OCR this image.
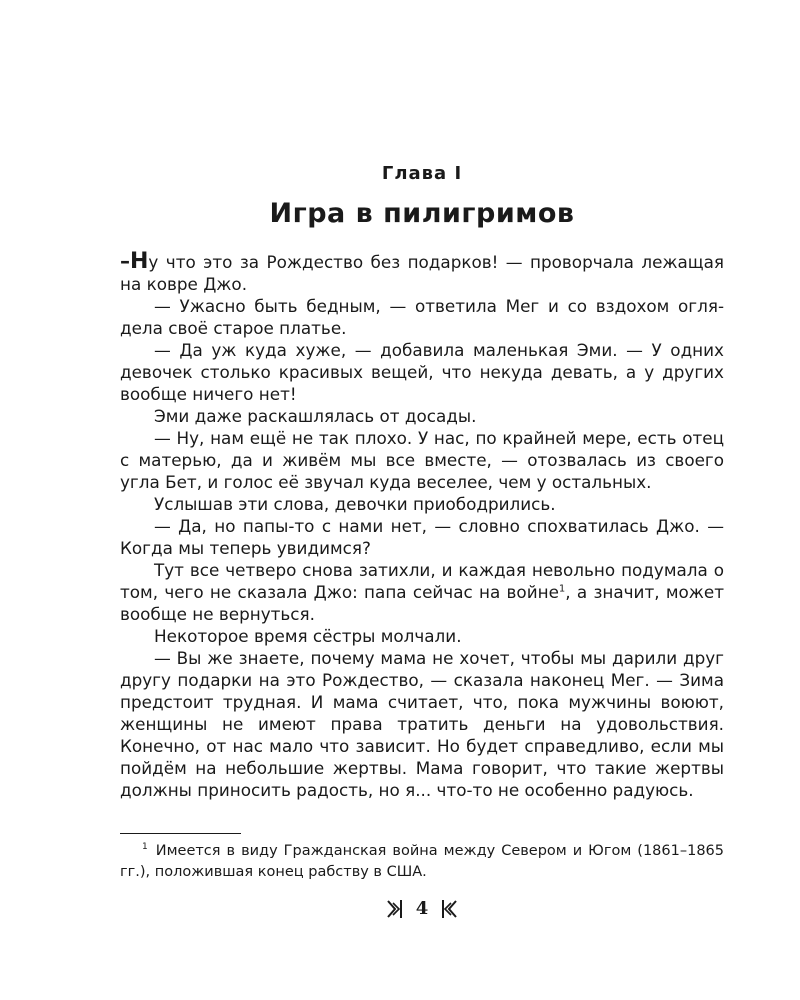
Глава I
Игра в пилигримов

–Ну что это за Рождество без подарков! — проворчала лежащая на ковре Джо.

— Ужасно быть бедным, — ответила Мег и со вздохом оглядела своё старое платье.

— Да уж куда хуже, — добавила маленькая Эми. — У одних девочек столько красивых вещей, что некуда девать, а у других вообще ничего нет!

Эми даже раскашлялась от досады.

— Ну, нам ещё не так плохо. У нас, по крайней мере, есть отец с матерью, да и живём мы все вместе, — отозвалась из своего угла Бет, и голос её звучал куда веселее, чем у остальных.

Услышав эти слова, девочки приободрились.

— Да, но папы-то с нами нет, — словно спохватилась Джо. — Когда мы теперь увидимся?

Тут все четверо снова затихли, и каждая невольно подумала о том, чего не сказала Джо: папа сейчас на войне$^1$, а значит, может вообще не вернуться.

Некоторое время сёстры молчали.

— Вы же знаете, почему мама не хочет, чтобы мы дарили друг другу подарки на это Рождество, — сказала наконец Мег. — Зима предстоит трудная. И мама считает, что, пока мужчины воюют, женщины не имеют права тратить деньги на удовольствия. Конечно, от нас мало что зависит. Но будет справедливо, если мы пойдём на небольшие жертвы. Мама говорит, что такие жертвы должны приносить радость, но я... что-то не особенно радуюсь.

$^1$ Имеется в виду Гражданская война между Севером и Югом (1861–1865 гг.), положившая конец рабству в США.
4
